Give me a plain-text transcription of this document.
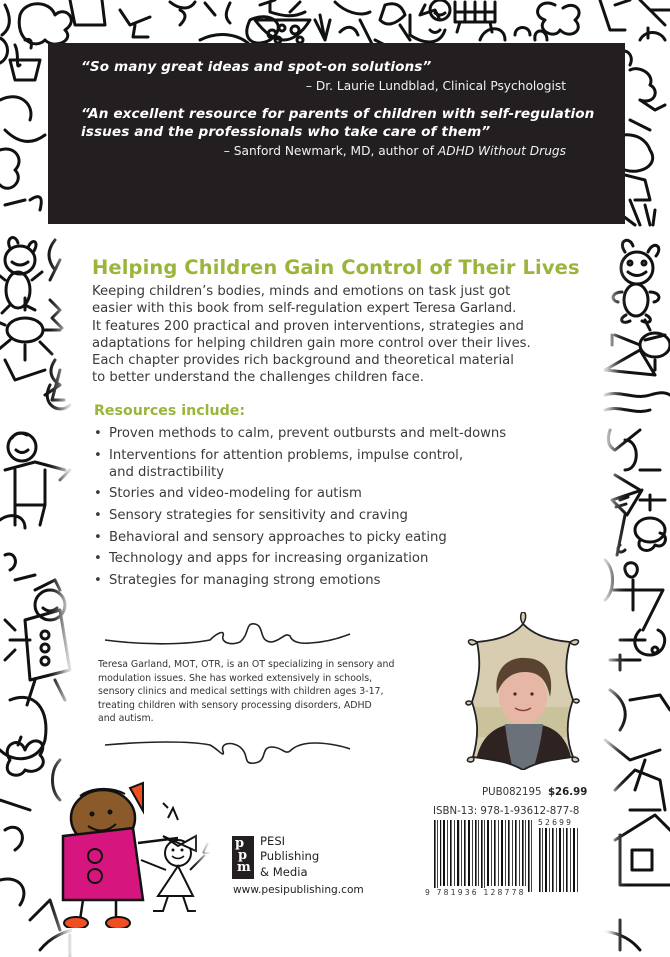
“So many great ideas and spot-on solutions”
– Dr. Laurie Lundblad, Clinical Psychologist
“An excellent resource for parents of children with self-regulation
issues and the professionals who take care of them”
– Sanford Newmark, MD, author of ADHD Without Drugs
Helping Children Gain Control of Their Lives
Keeping children’s bodies, minds and emotions on task just got
easier with this book from self-regulation expert Teresa Garland.
It features 200 practical and proven interventions, strategies and
adaptations for helping children gain more control over their lives.
Each chapter provides rich background and theoretical material
to better understand the challenges children face.
Resources include:
• Proven methods to calm, prevent outbursts and melt-downs
• Interventions for attention problems, impulse control,
and distractibility
• Stories and video-modeling for autism
• Sensory strategies for sensitivity and craving
• Behavioral and sensory approaches to picky eating
• Technology and apps for increasing organization
• Strategies for managing strong emotions
Teresa Garland, MOT, OTR, is an OT specializing in sensory and
modulation issues. She has worked extensively in schools,
sensory clinics and medical settings with children ages 3-17,
treating children with sensory processing disorders, ADHD
and autism.
PUB082195 $26.99
ISBN-13: 978-1-93612-877-8
52699
9 781936 128778
p
p
m
PESI
Publishing
& Media
www.pesipublishing.com
